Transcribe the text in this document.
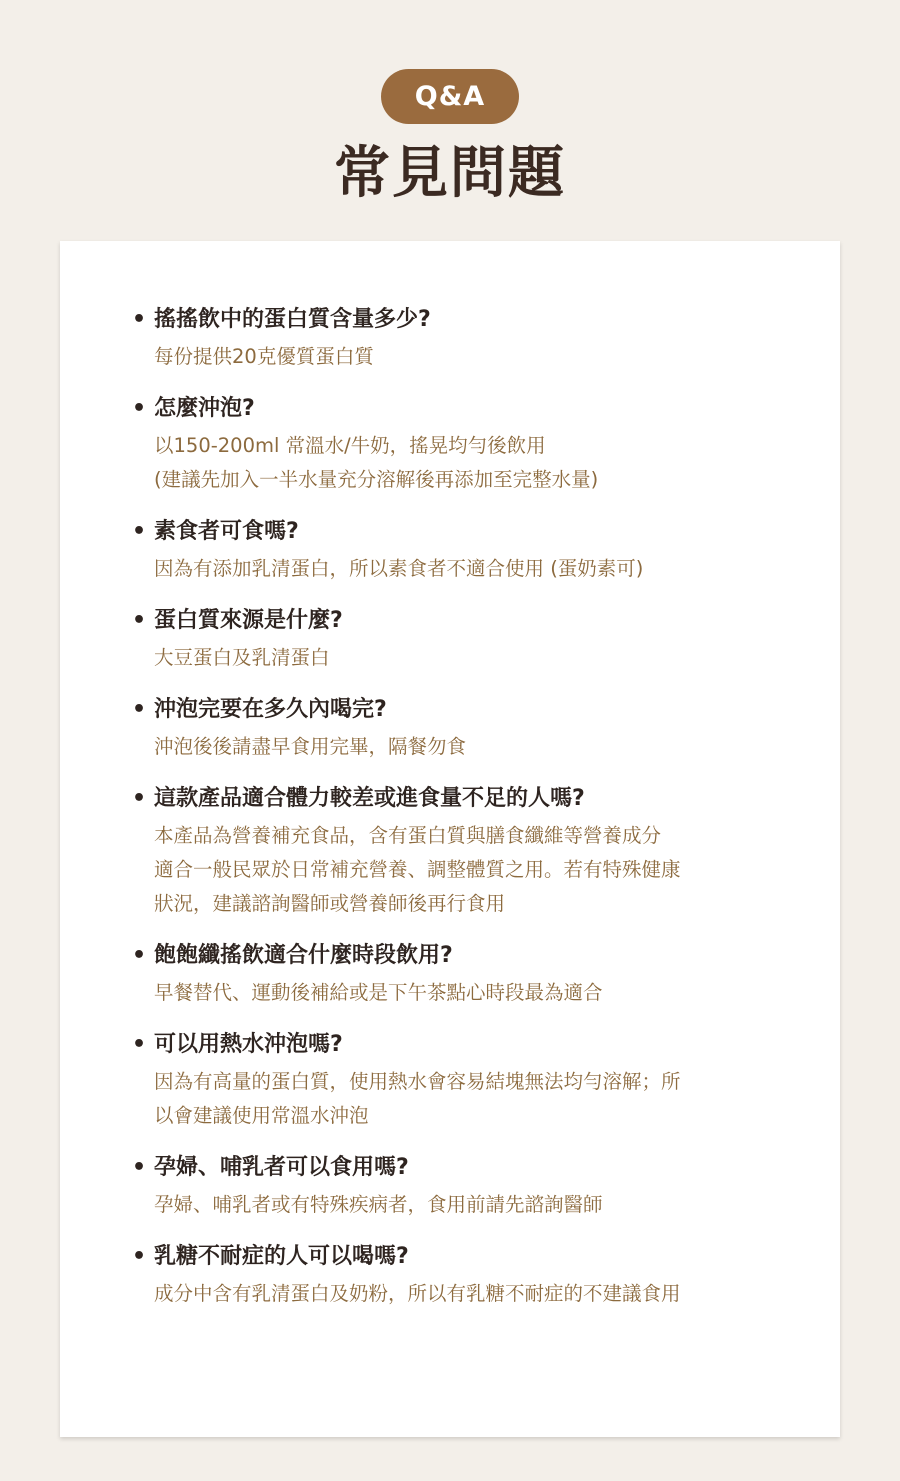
Q&A
常見問題
• 搖搖飲中的蛋白質含量多少?
每份提供20克優質蛋白質
• 怎麼沖泡?
以150-200ml 常溫水/牛奶，搖晃均勻後飲用
(建議先加入一半水量充分溶解後再添加至完整水量)
• 素食者可食嗎?
因為有添加乳清蛋白，所以素食者不適合使用 (蛋奶素可)
• 蛋白質來源是什麼?
大豆蛋白及乳清蛋白
• 沖泡完要在多久內喝完?
沖泡後後請盡早食用完畢，隔餐勿食
• 這款產品適合體力較差或進食量不足的人嗎?
本產品為營養補充食品，含有蛋白質與膳食纖維等營養成分
適合一般民眾於日常補充營養、調整體質之用。若有特殊健康
狀況，建議諮詢醫師或營養師後再行食用
• 飽飽纖搖飲適合什麼時段飲用?
早餐替代、運動後補給或是下午茶點心時段最為適合
• 可以用熱水沖泡嗎?
因為有高量的蛋白質，使用熱水會容易結塊無法均勻溶解；所
以會建議使用常溫水沖泡
• 孕婦、哺乳者可以食用嗎?
孕婦、哺乳者或有特殊疾病者，食用前請先諮詢醫師
• 乳糖不耐症的人可以喝嗎?
成分中含有乳清蛋白及奶粉，所以有乳糖不耐症的不建議食用
